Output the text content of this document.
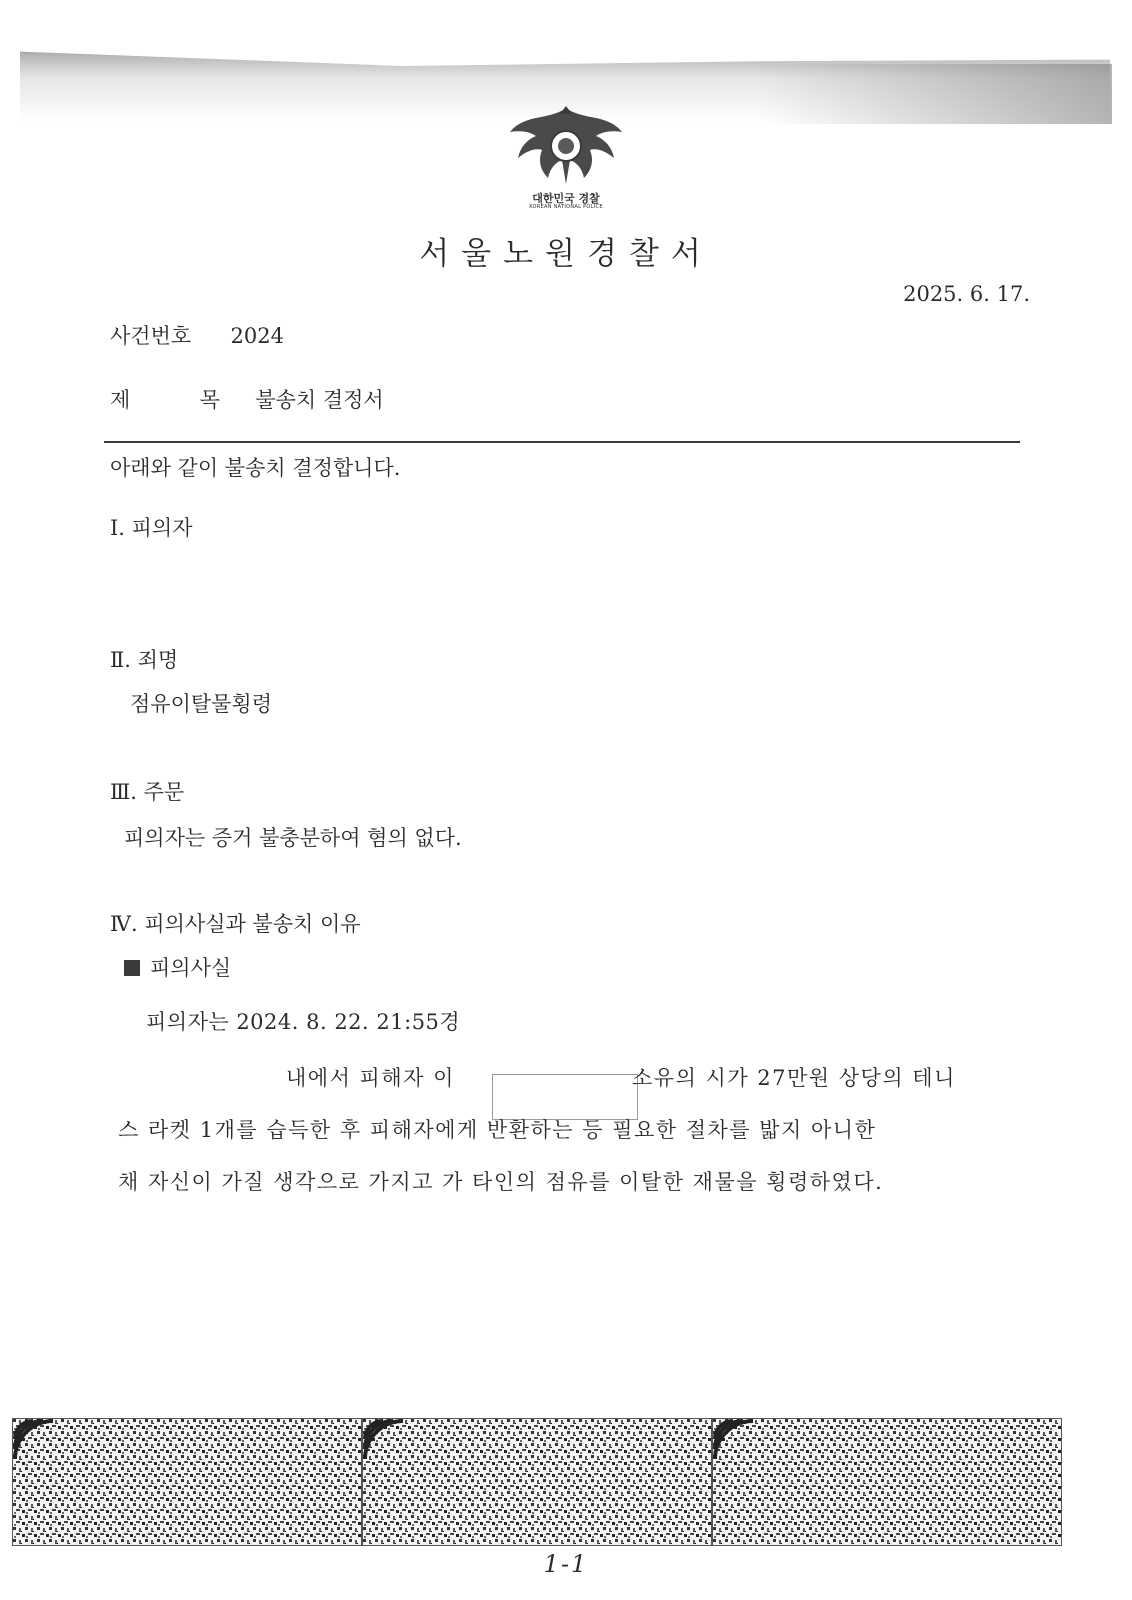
대한민국 경찰
KOREAN NATIONAL POLICE
서울노원경찰서
2025. 6. 17.
사건번호 2024
제     목 불송치 결정서
아래와 같이 불송치 결정합니다.
Ⅰ. 피의자
Ⅱ. 죄명
점유이탈물횡령
Ⅲ. 주문
피의자는 증거 불충분하여 혐의 없다.
Ⅳ. 피의사실과 불송치 이유
피의사실
피의자는 2024. 8. 22. 21:55경
내에서 피해자 이	소유의 시가 27만원 상당의 테니
스 라켓 1개를 습득한 후 피해자에게 반환하는 등 필요한 절차를 밟지 아니한
채 자신이 가질 생각으로 가지고 가 타인의 점유를 이탈한 재물을 횡령하였다.
1-1
